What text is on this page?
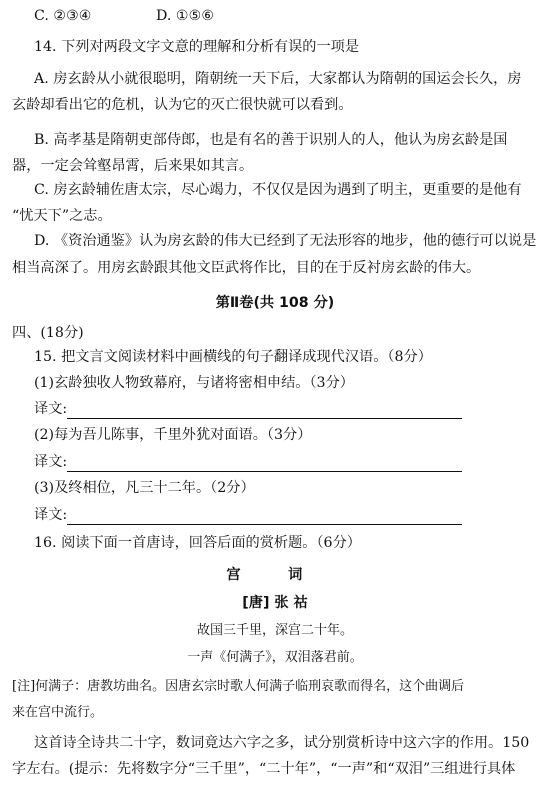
C. ②③④	D. ①⑤⑥
14. 下列对两段文字文意的理解和分析有误的一项是
A. 房玄龄从小就很聪明，隋朝统一天下后，大家都认为隋朝的国运会长久，房
玄龄却看出它的危机，认为它的灭亡很快就可以看到。
B. 高孝基是隋朝吏部侍郎，也是有名的善于识别人的人，他认为房玄龄是国
器，一定会耸壑昂霄，后来果如其言。
C. 房玄龄辅佐唐太宗，尽心竭力，不仅仅是因为遇到了明主，更重要的是他有
“忧天下”之志。
D. 《资治通鉴》认为房玄龄的伟大已经到了无法形容的地步，他的德行可以说是
相当高深了。用房玄龄跟其他文臣武将作比，目的在于反衬房玄龄的伟大。
第Ⅱ卷(共 108 分)
四、(18分)
15. 把文言文阅读材料中画横线的句子翻译成现代汉语。（8分）
(1)玄龄独收人物致幕府，与诸将密相申结。（3分）
译文:
(2)每为吾儿陈事，千里外犹对面语。（3分）
译文:
(3)及终相位，凡三十二年。（2分）
译文:
16. 阅读下面一首唐诗，回答后面的赏析题。（6分）
宫 词
[唐] 张 祜
故国三千里，深宫二十年。
一声《何满子》，双泪落君前。
[注]何满子：唐教坊曲名。因唐玄宗时歌人何满子临刑哀歌而得名，这个曲调后
来在宫中流行。
这首诗全诗共二十字，数词竟达六字之多，试分别赏析诗中这六字的作用。150
字左右。(提示：先将数字分“三千里”，“二十年”，“一声”和“双泪”三组进行具体
